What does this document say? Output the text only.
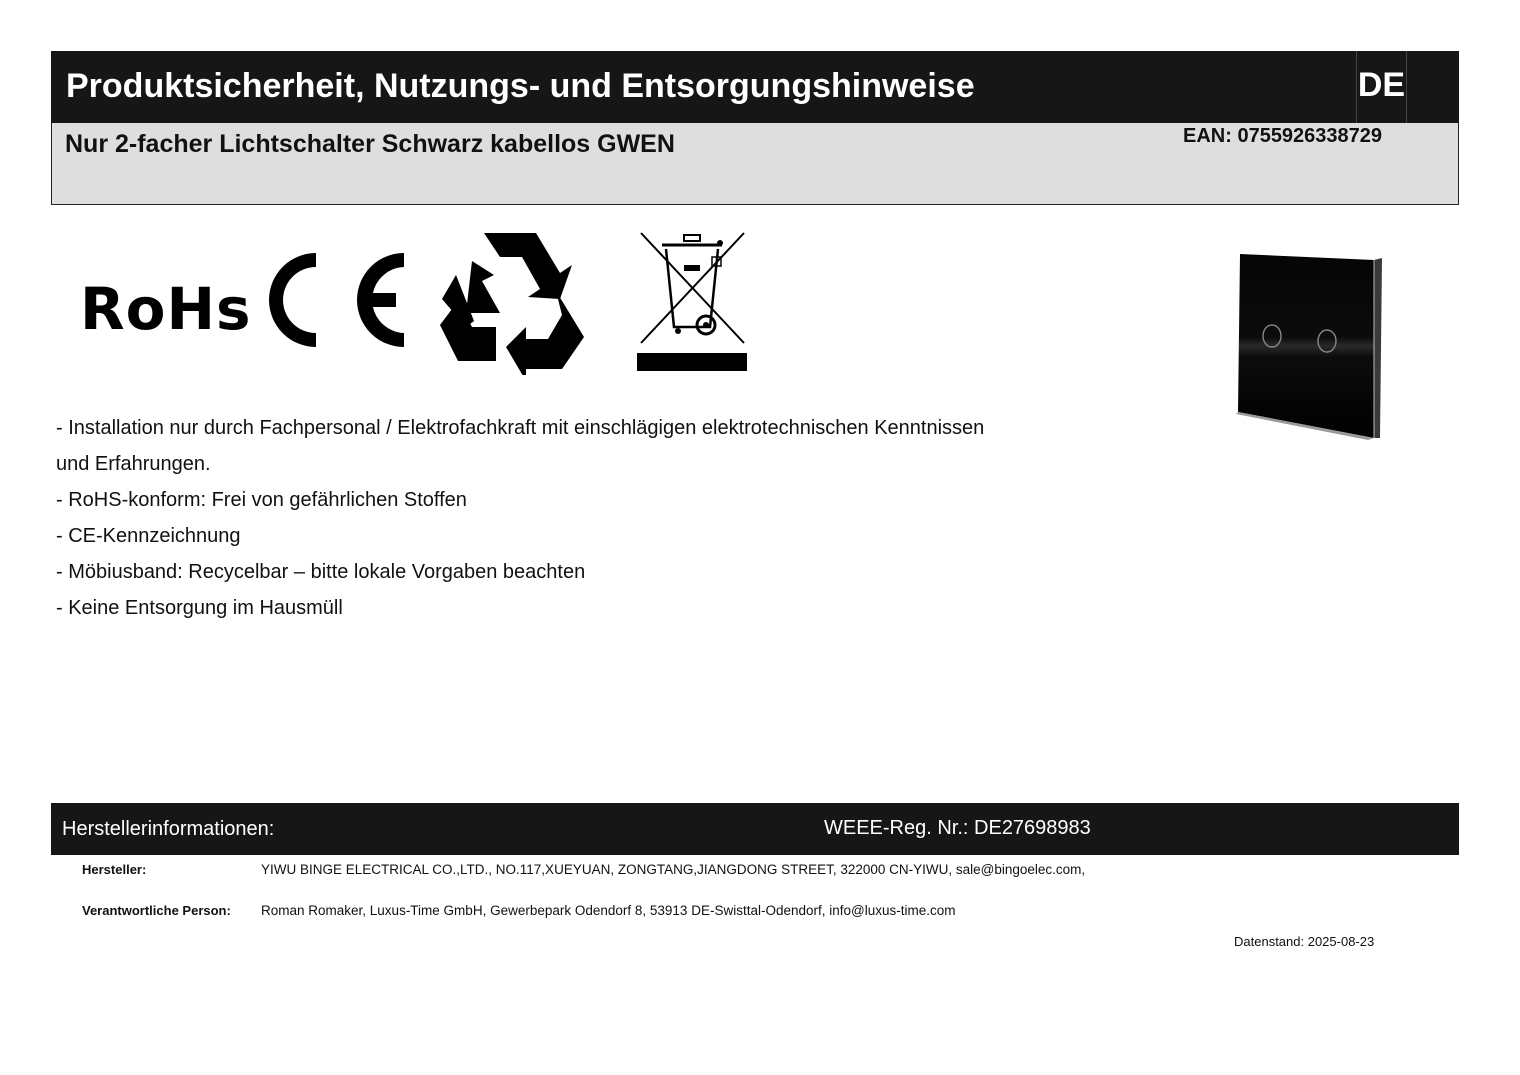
Produktsicherheit, Nutzungs- und Entsorgungshinweise	DE
Nur 2-facher Lichtschalter Schwarz kabellos GWEN	EAN: 0755926338729
RoHs
- Installation nur durch Fachpersonal / Elektrofachkraft mit einschlägigen elektrotechnischen Kenntnissen
und Erfahrungen.
- RoHS-konform: Frei von gefährlichen Stoffen
- CE-Kennzeichnung
- Möbiusband: Recycelbar – bitte lokale Vorgaben beachten
- Keine Entsorgung im Hausmüll
Herstellerinformationen:	WEEE-Reg. Nr.: DE27698983
Hersteller:	YIWU BINGE ELECTRICAL CO.,LTD., NO.117,XUEYUAN, ZONGTANG,JIANGDONG STREET, 322000 CN-YIWU, sale@bingoelec.com,
Verantwortliche Person: Roman Romaker, Luxus-Time GmbH, Gewerbepark Odendorf 8, 53913 DE-Swisttal-Odendorf, info@luxus-time.com
Datenstand: 2025-08-23
